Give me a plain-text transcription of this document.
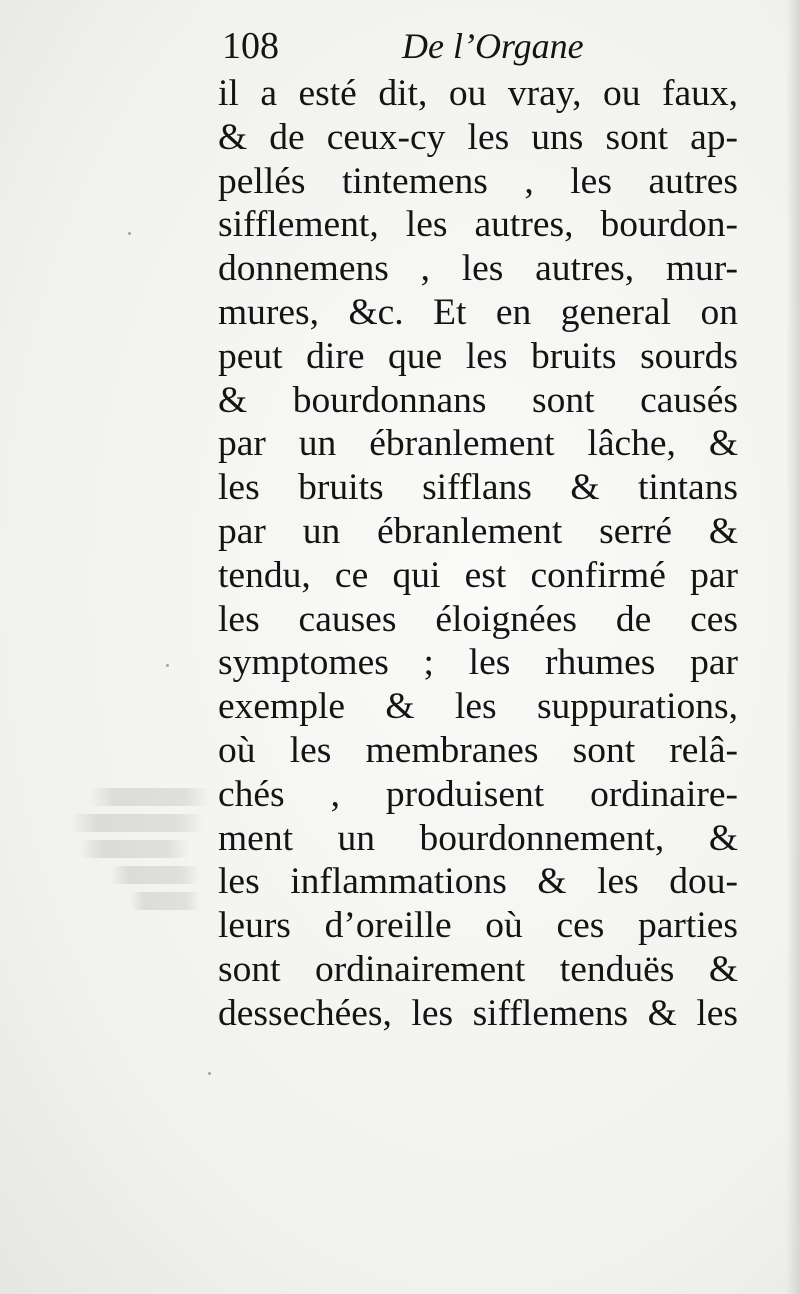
108	De l’Organe
il a esté dit, ou vray, ou faux,
& de ceux-cy les uns sont ap-
pellés tintemens , les autres
sifflement, les autres, bourdon-
donnemens , les autres, mur-
mures, &c. Et en general on
peut dire que les bruits sourds
& bourdonnans sont causés
par un ébranlement lâche, &
les bruits sifflans & tintans
par un ébranlement serré &
tendu, ce qui est confirmé par
les causes éloignées de ces
symptomes ; les rhumes par
exemple & les suppurations,
où les membranes sont relâ-
chés , produisent ordinaire-
ment un bourdonnement, &
les inflammations & les dou-
leurs d’oreille où ces parties
sont ordinairement tenduës &
dessechées, les sifflemens & les
